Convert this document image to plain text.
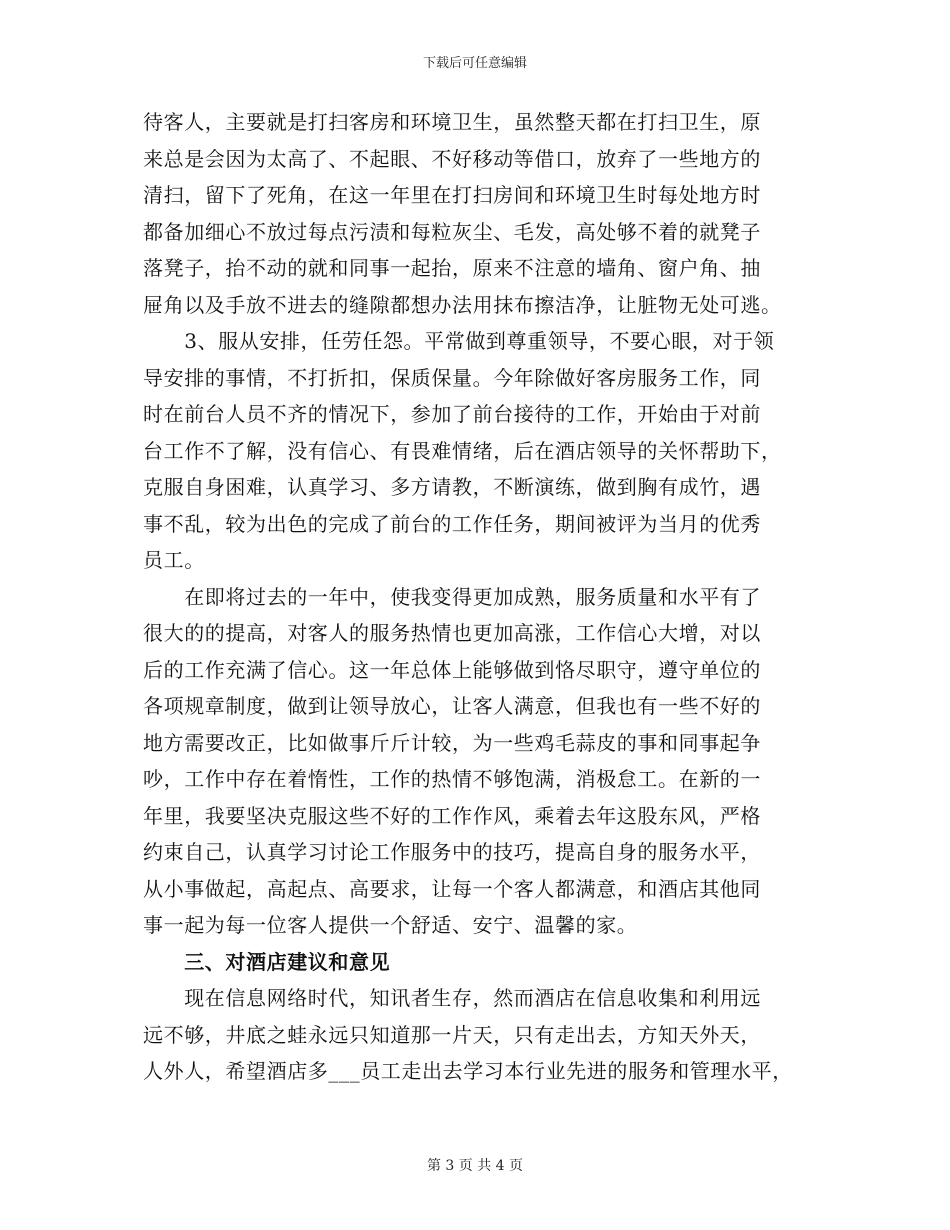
下载后可任意编辑
待客人，主要就是打扫客房和环境卫生，虽然整天都在打扫卫生，原
来总是会因为太高了、不起眼、不好移动等借口，放弃了一些地方的
清扫，留下了死角，在这一年里在打扫房间和环境卫生时每处地方时
都备加细心不放过每点污渍和每粒灰尘、毛发，高处够不着的就凳子
落凳子，抬不动的就和同事一起抬，原来不注意的墙角、窗户角、抽
屉角以及手放不进去的缝隙都想办法用抹布擦洁净，让脏物无处可逃。
　　3、服从安排，任劳任怨。平常做到尊重领导，不要心眼，对于领
导安排的事情，不打折扣，保质保量。今年除做好客房服务工作，同
时在前台人员不齐的情况下，参加了前台接待的工作，开始由于对前
台工作不了解，没有信心、有畏难情绪，后在酒店领导的关怀帮助下，
克服自身困难，认真学习、多方请教，不断演练，做到胸有成竹，遇
事不乱，较为出色的完成了前台的工作任务，期间被评为当月的优秀
员工。
　　在即将过去的一年中，使我变得更加成熟，服务质量和水平有了
很大的的提高，对客人的服务热情也更加高涨，工作信心大增，对以
后的工作充满了信心。这一年总体上能够做到恪尽职守，遵守单位的
各项规章制度，做到让领导放心，让客人满意，但我也有一些不好的
地方需要改正，比如做事斤斤计较，为一些鸡毛蒜皮的事和同事起争
吵，工作中存在着惰性，工作的热情不够饱满，消极怠工。在新的一
年里，我要坚决克服这些不好的工作作风，乘着去年这股东风，严格
约束自己，认真学习讨论工作服务中的技巧，提高自身的服务水平，
从小事做起，高起点、高要求，让每一个客人都满意，和酒店其他同
事一起为每一位客人提供一个舒适、安宁、温馨的家。
　　三、对酒店建议和意见
　　现在信息网络时代，知讯者生存，然而酒店在信息收集和利用远
远不够，井底之蛙永远只知道那一片天，只有走出去，方知天外天，
人外人，希望酒店多___员工走出去学习本行业先进的服务和管理水平，
第 3 页 共 4 页
